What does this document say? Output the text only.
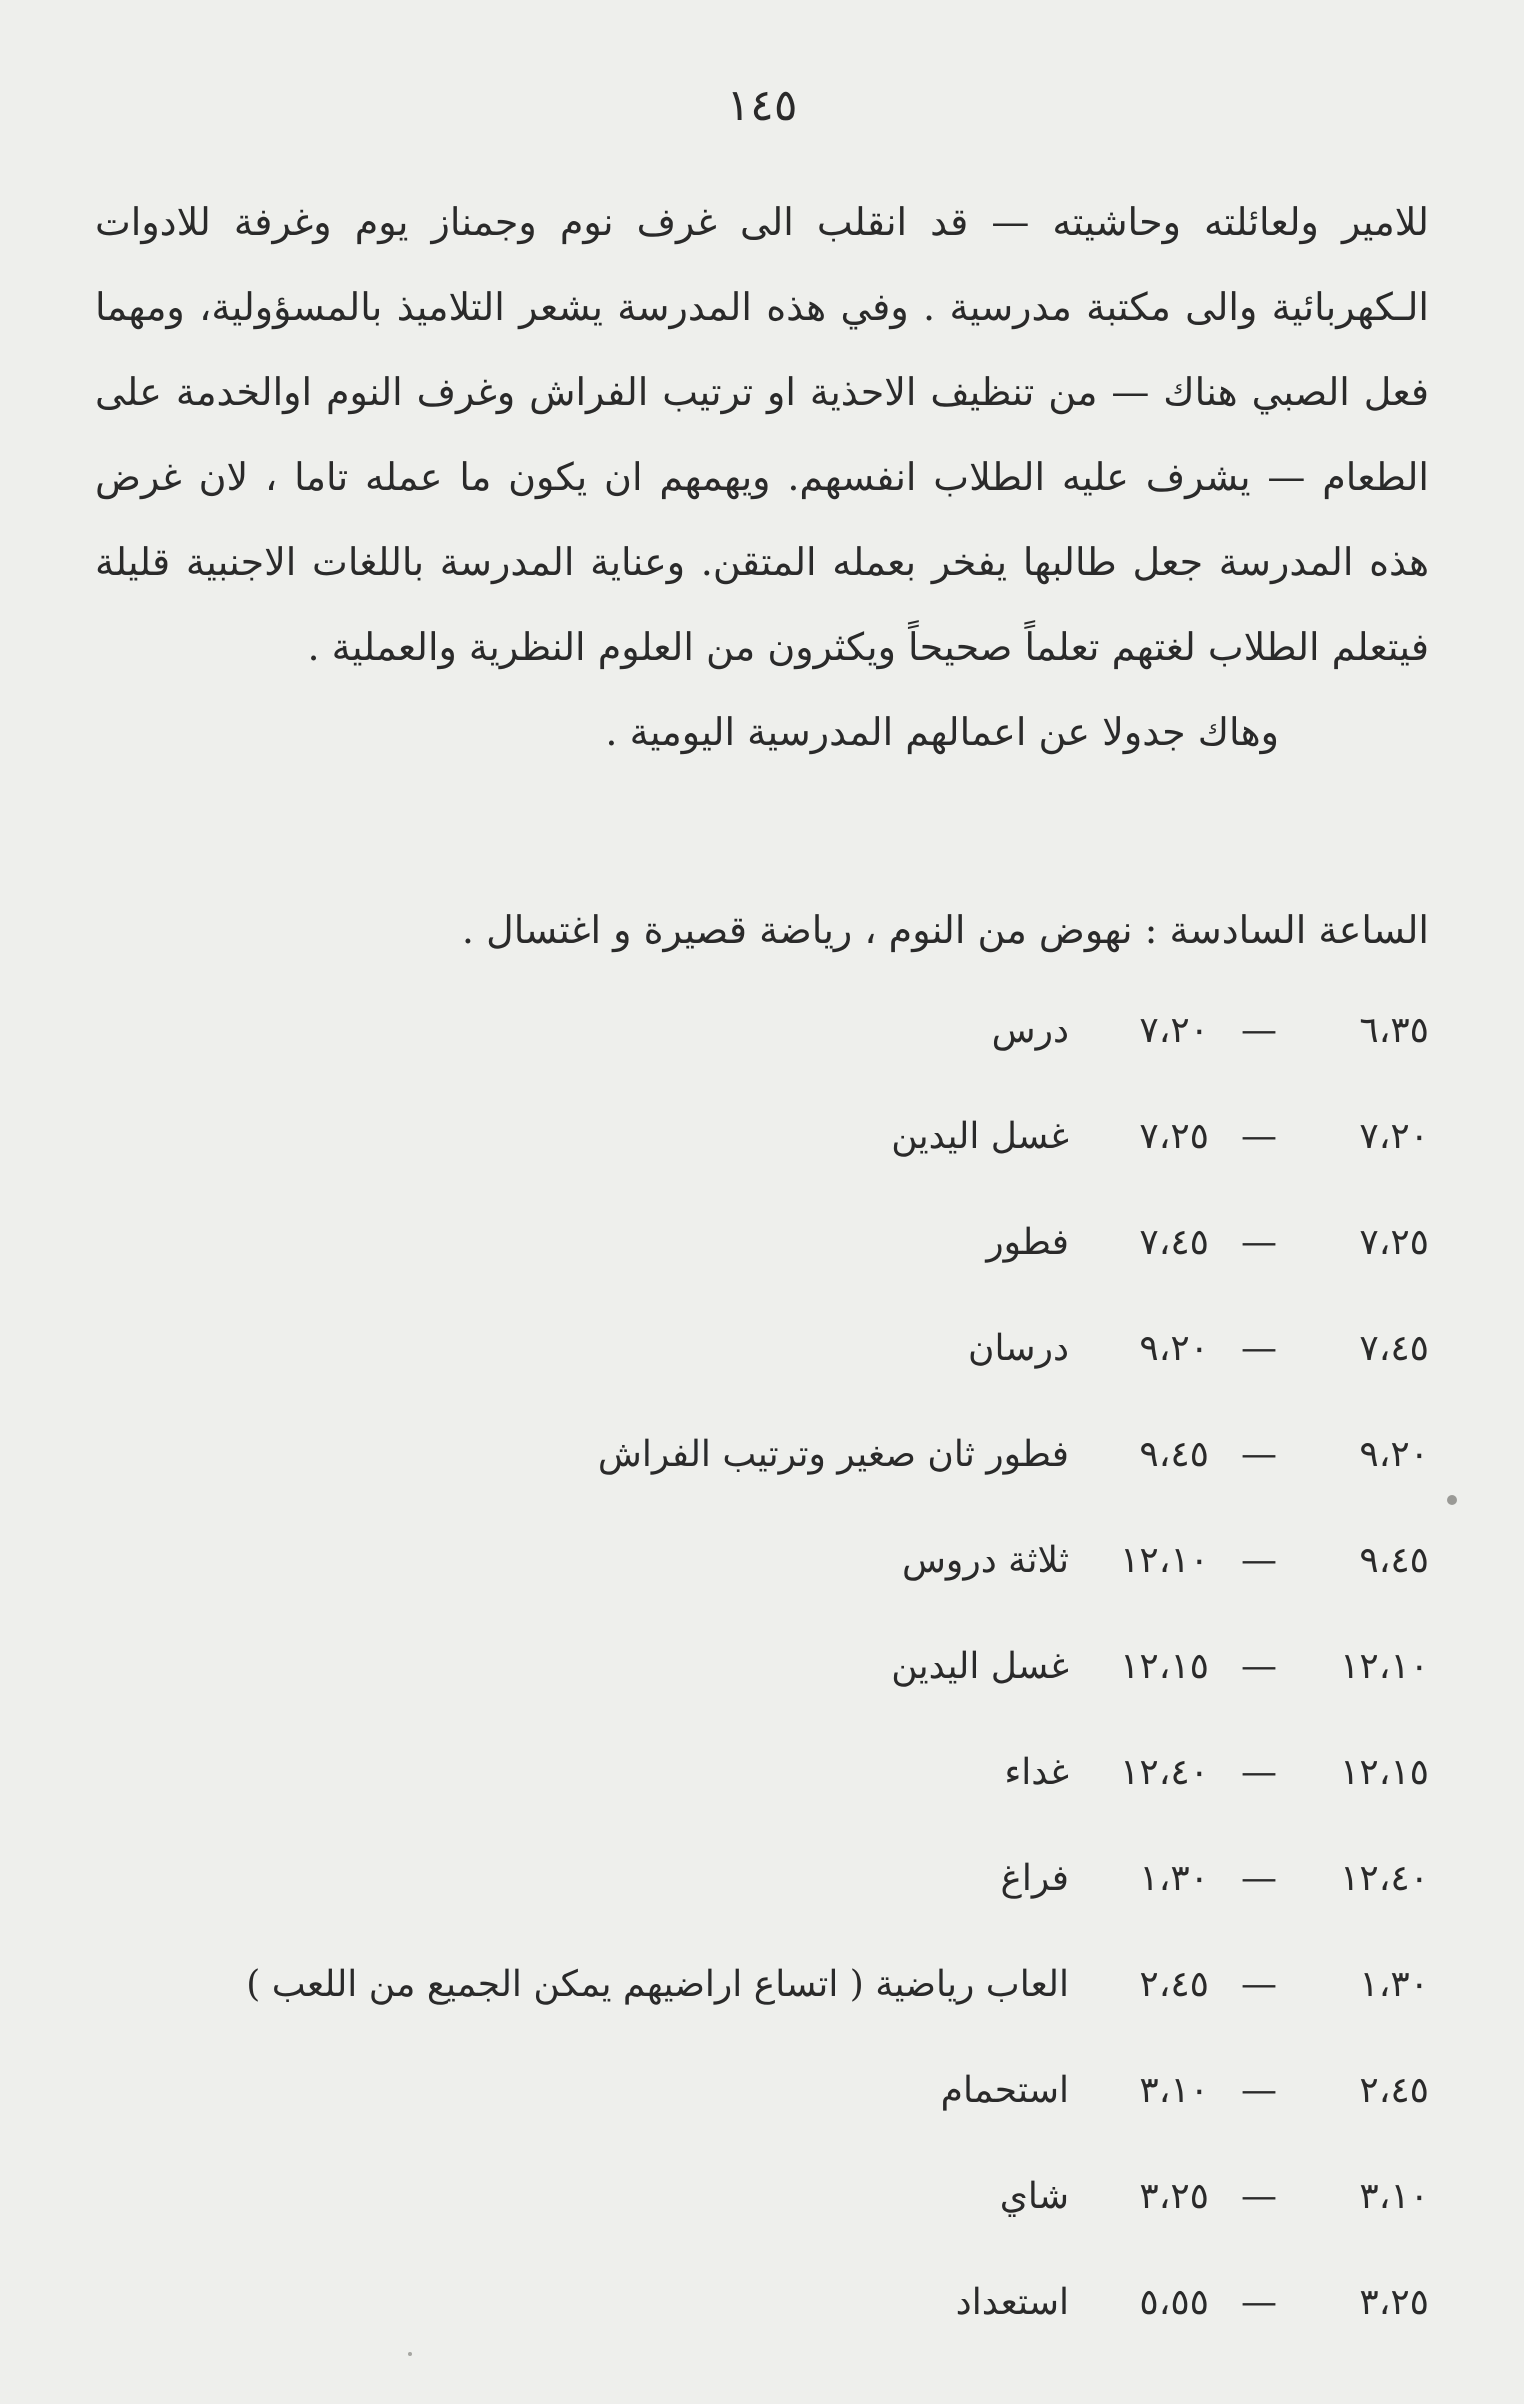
١٤٥

للامير ولعائلته وحاشيته — قد انقلب الى غرف نوم وجمناز يوم وغرفة للادوات الـكهربائية والى مكتبة مدرسية . وفي هذه المدرسة يشعر التلاميذ بالمسؤولية، ومهما فعل الصبي هناك — من تنظيف الاحذية او ترتيب الفراش وغرف النوم اوالخدمة على الطعام — يشرف عليه الطلاب انفسهم. ويهمهم ان يكون ما عمله تاما ، لان غرض هذه المدرسة جعل طالبها يفخر بعمله المتقن. وعناية المدرسة باللغات الاجنبية قليلة فيتعلم الطلاب لغتهم تعلماً صحيحاً ويكثرون من العلوم النظرية والعملية .

وهاك جدولا عن اعمالهم المدرسية اليومية .

الساعة السادسة : نهوض من النوم ، رياضة قصيرة و اغتسال .
٦،٣٥
—
٧،٢٠
درس
٧،٢٠
—
٧،٢٥
غسل اليدين
٧،٢٥
—
٧،٤٥
فطور
٧،٤٥
—
٩،٢٠
درسان
٩،٢٠
—
٩،٤٥
فطور ثان صغير وترتيب الفراش
٩،٤٥
—
١٢،١٠
ثلاثة دروس
١٢،١٠
—
١٢،١٥
غسل اليدين
١٢،١٥
—
١٢،٤٠
غداء
١٢،٤٠
—
١،٣٠
فراغ
١،٣٠
—
٢،٤٥
العاب رياضية ( اتساع اراضيهم يمكن الجميع من اللعب )
٢،٤٥
—
٣،١٠
استحمام
٣،١٠
—
٣،٢٥
شاي
٣،٢٥
—
٥،٥٥
استعداد
